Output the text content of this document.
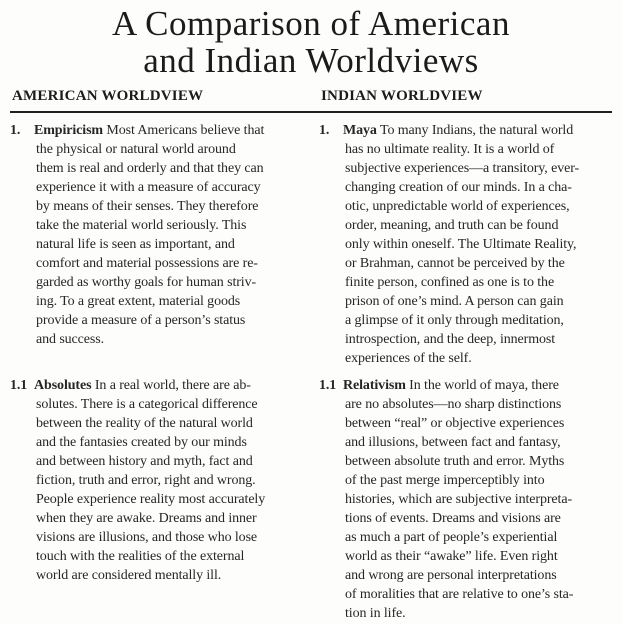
A Comparison of American
and Indian Worldviews
AMERICAN WORLDVIEW	INDIAN WORLDVIEW
1. Empiricism Most Americans believe that
the physical or natural world around
them is real and orderly and that they can
experience it with a measure of accuracy
by means of their senses. They therefore
take the material world seriously. This
natural life is seen as important, and
comfort and material possessions are re-
garded as worthy goals for human striv-
ing. To a great extent, material goods
provide a measure of a person’s status
and success.
1. Maya To many Indians, the natural world
has no ultimate reality. It is a world of
subjective experiences—a transitory, ever-
changing creation of our minds. In a cha-
otic, unpredictable world of experiences,
order, meaning, and truth can be found
only within oneself. The Ultimate Reality,
or Brahman, cannot be perceived by the
finite person, confined as one is to the
prison of one’s mind. A person can gain
a glimpse of it only through meditation,
introspection, and the deep, innermost
experiences of the self.
1.1 Absolutes In a real world, there are ab-
solutes. There is a categorical difference
between the reality of the natural world
and the fantasies created by our minds
and between history and myth, fact and
fiction, truth and error, right and wrong.
People experience reality most accurately
when they are awake. Dreams and inner
visions are illusions, and those who lose
touch with the realities of the external
world are considered mentally ill.
1.1 Relativism In the world of maya, there
are no absolutes—no sharp distinctions
between “real” or objective experiences
and illusions, between fact and fantasy,
between absolute truth and error. Myths
of the past merge imperceptibly into
histories, which are subjective interpreta-
tions of events. Dreams and visions are
as much a part of people’s experiential
world as their “awake” life. Even right
and wrong are personal interpretations
of moralities that are relative to one’s sta-
tion in life.
